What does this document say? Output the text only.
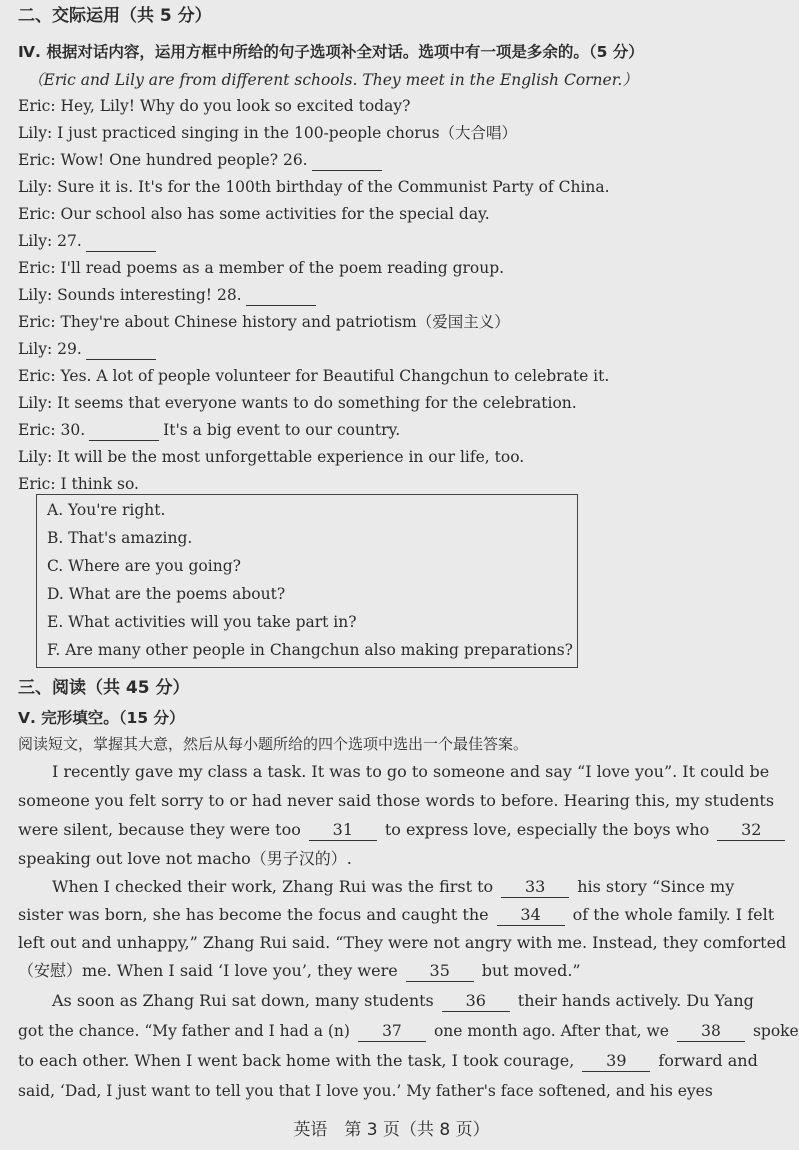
二、交际运用（共 5 分）
Ⅳ. 根据对话内容，运用方框中所给的句子选项补全对话。选项中有一项是多余的。（5 分）
（Eric and Lily are from different schools. They meet in the English Corner.）
Eric: Hey, Lily! Why do you look so excited today?
Lily: I just practiced singing in the 100-people chorus（大合唱）
Eric: Wow! One hundred people? 26.
Lily: Sure it is. It's for the 100th birthday of the Communist Party of China.
Eric: Our school also has some activities for the special day.
Lily: 27.
Eric: I'll read poems as a member of the poem reading group.
Lily: Sounds interesting! 28.
Eric: They're about Chinese history and patriotism（爱国主义）
Lily: 29.
Eric: Yes. A lot of people volunteer for Beautiful Changchun to celebrate it.
Lily: It seems that everyone wants to do something for the celebration.
Eric: 30.	It's a big event to our country.
Lily: It will be the most unforgettable experience in our life, too.
Eric: I think so.
A. You're right.
B. That's amazing.
C. Where are you going?
D. What are the poems about?
E. What activities will you take part in?
F. Are many other people in Changchun also making preparations?
三、阅读（共 45 分）
Ⅴ. 完形填空。（15 分）
阅读短文，掌握其大意，然后从每小题所给的四个选项中选出一个最佳答案。
I recently gave my class a task. It was to go to someone and say “I love you”. It could be
someone you felt sorry to or had never said those words to before. Hearing this, my students
were silent, because they were too 31 to express love, especially the boys who 32
speaking out love not macho（男子汉的）.
When I checked their work, Zhang Rui was the first to 33 his story “Since my
sister was born, she has become the focus and caught the 34 of the whole family. I felt
left out and unhappy,” Zhang Rui said. “They were not angry with me. Instead, they comforted
（安慰）me. When I said ‘I love you’, they were 35 but moved.”
As soon as Zhang Rui sat down, many students 36 their hands actively. Du Yang
got the chance. “My father and I had a (n) 37 one month ago. After that, we 38 spoke
to each other. When I went back home with the task, I took courage, 39 forward and
said, ‘Dad, I just want to tell you that I love you.’ My father's face softened, and his eyes
英语　第 3 页（共 8 页）
